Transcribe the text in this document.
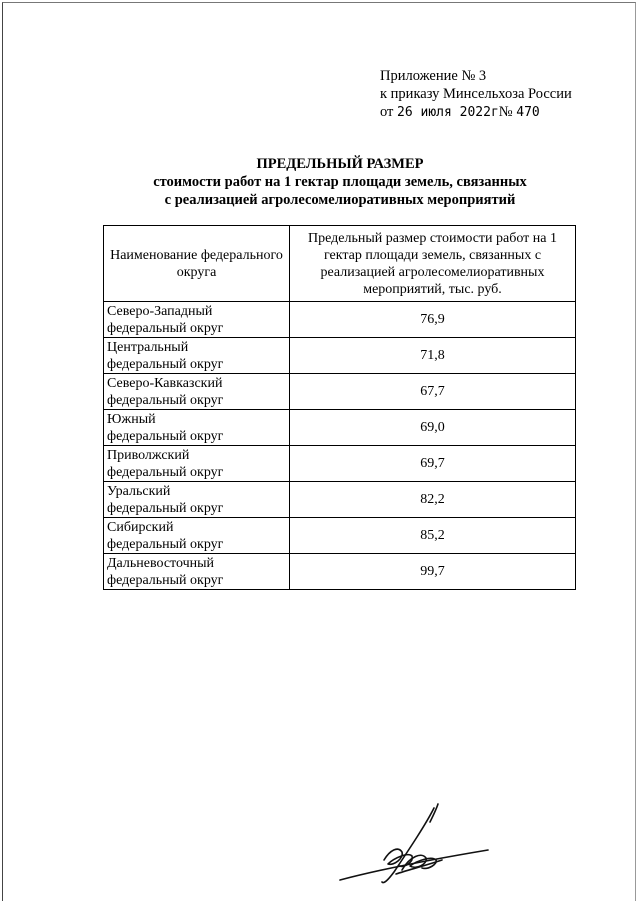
Приложение № 3
к приказу Минсельхоза России
от 26 июля 2022г№ 470
ПРЕДЕЛЬНЫЙ РАЗМЕР
стоимости работ на 1 гектар площади земель, связанных
с реализацией агролесомелиоративных мероприятий
Наименование федерального округа	Предельный размер стоимости работ на 1 гектар площади земель, связанных с реализацией агролесомелиоративных мероприятий, тыс. руб.

Северо-Западный
федеральный округ	76,9

Центральный
федеральный округ	71,8

Северо-Кавказский
федеральный округ	67,7

Южный
федеральный округ	69,0

Приволжский
федеральный округ	69,7

Уральский
федеральный округ	82,2

Сибирский
федеральный округ	85,2

Дальневосточный
федеральный округ	99,7
